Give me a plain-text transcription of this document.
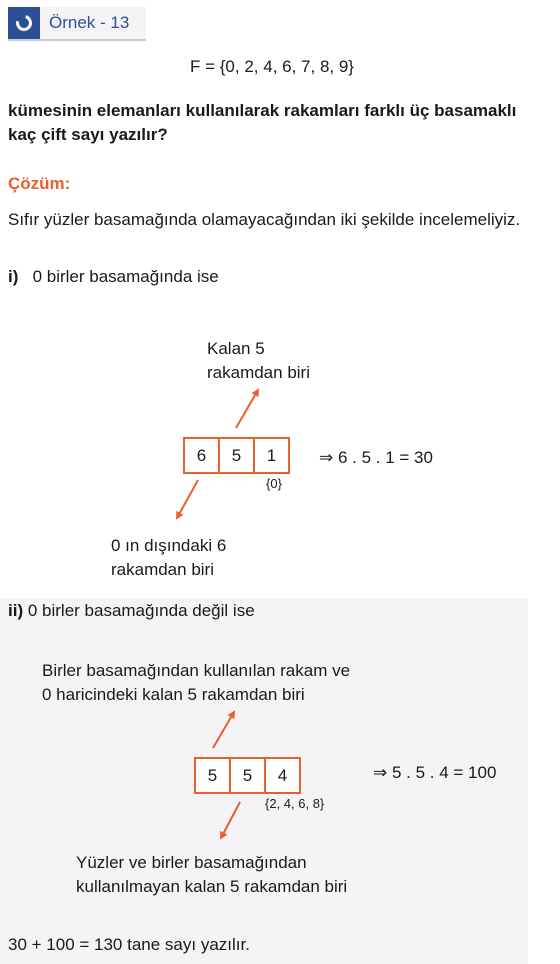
Örnek - 13
F = {0, 2, 4, 6, 7, 8, 9}
kümesinin elemanları kullanılarak rakamları farklı üç basamaklı
kaç çift sayı yazılır?
Çözüm:
Sıfır yüzler basamağında olamayacağından iki şekilde incelemeliyiz.
i) 0 birler basamağında ise
Kalan 5
rakamdan biri
6	5	1
{0}
⇒ 6 . 5 . 1 = 30
0 ın dışındaki 6
rakamdan biri
ii) 0 birler basamağında değil ise
Birler basamağından kullanılan rakam ve
0 haricindeki kalan 5 rakamdan biri
5	5	4
{2, 4, 6, 8}
⇒ 5 . 5 . 4 = 100
Yüzler ve birler basamağından
kullanılmayan kalan 5 rakamdan biri
30 + 100 = 130 tane sayı yazılır.
